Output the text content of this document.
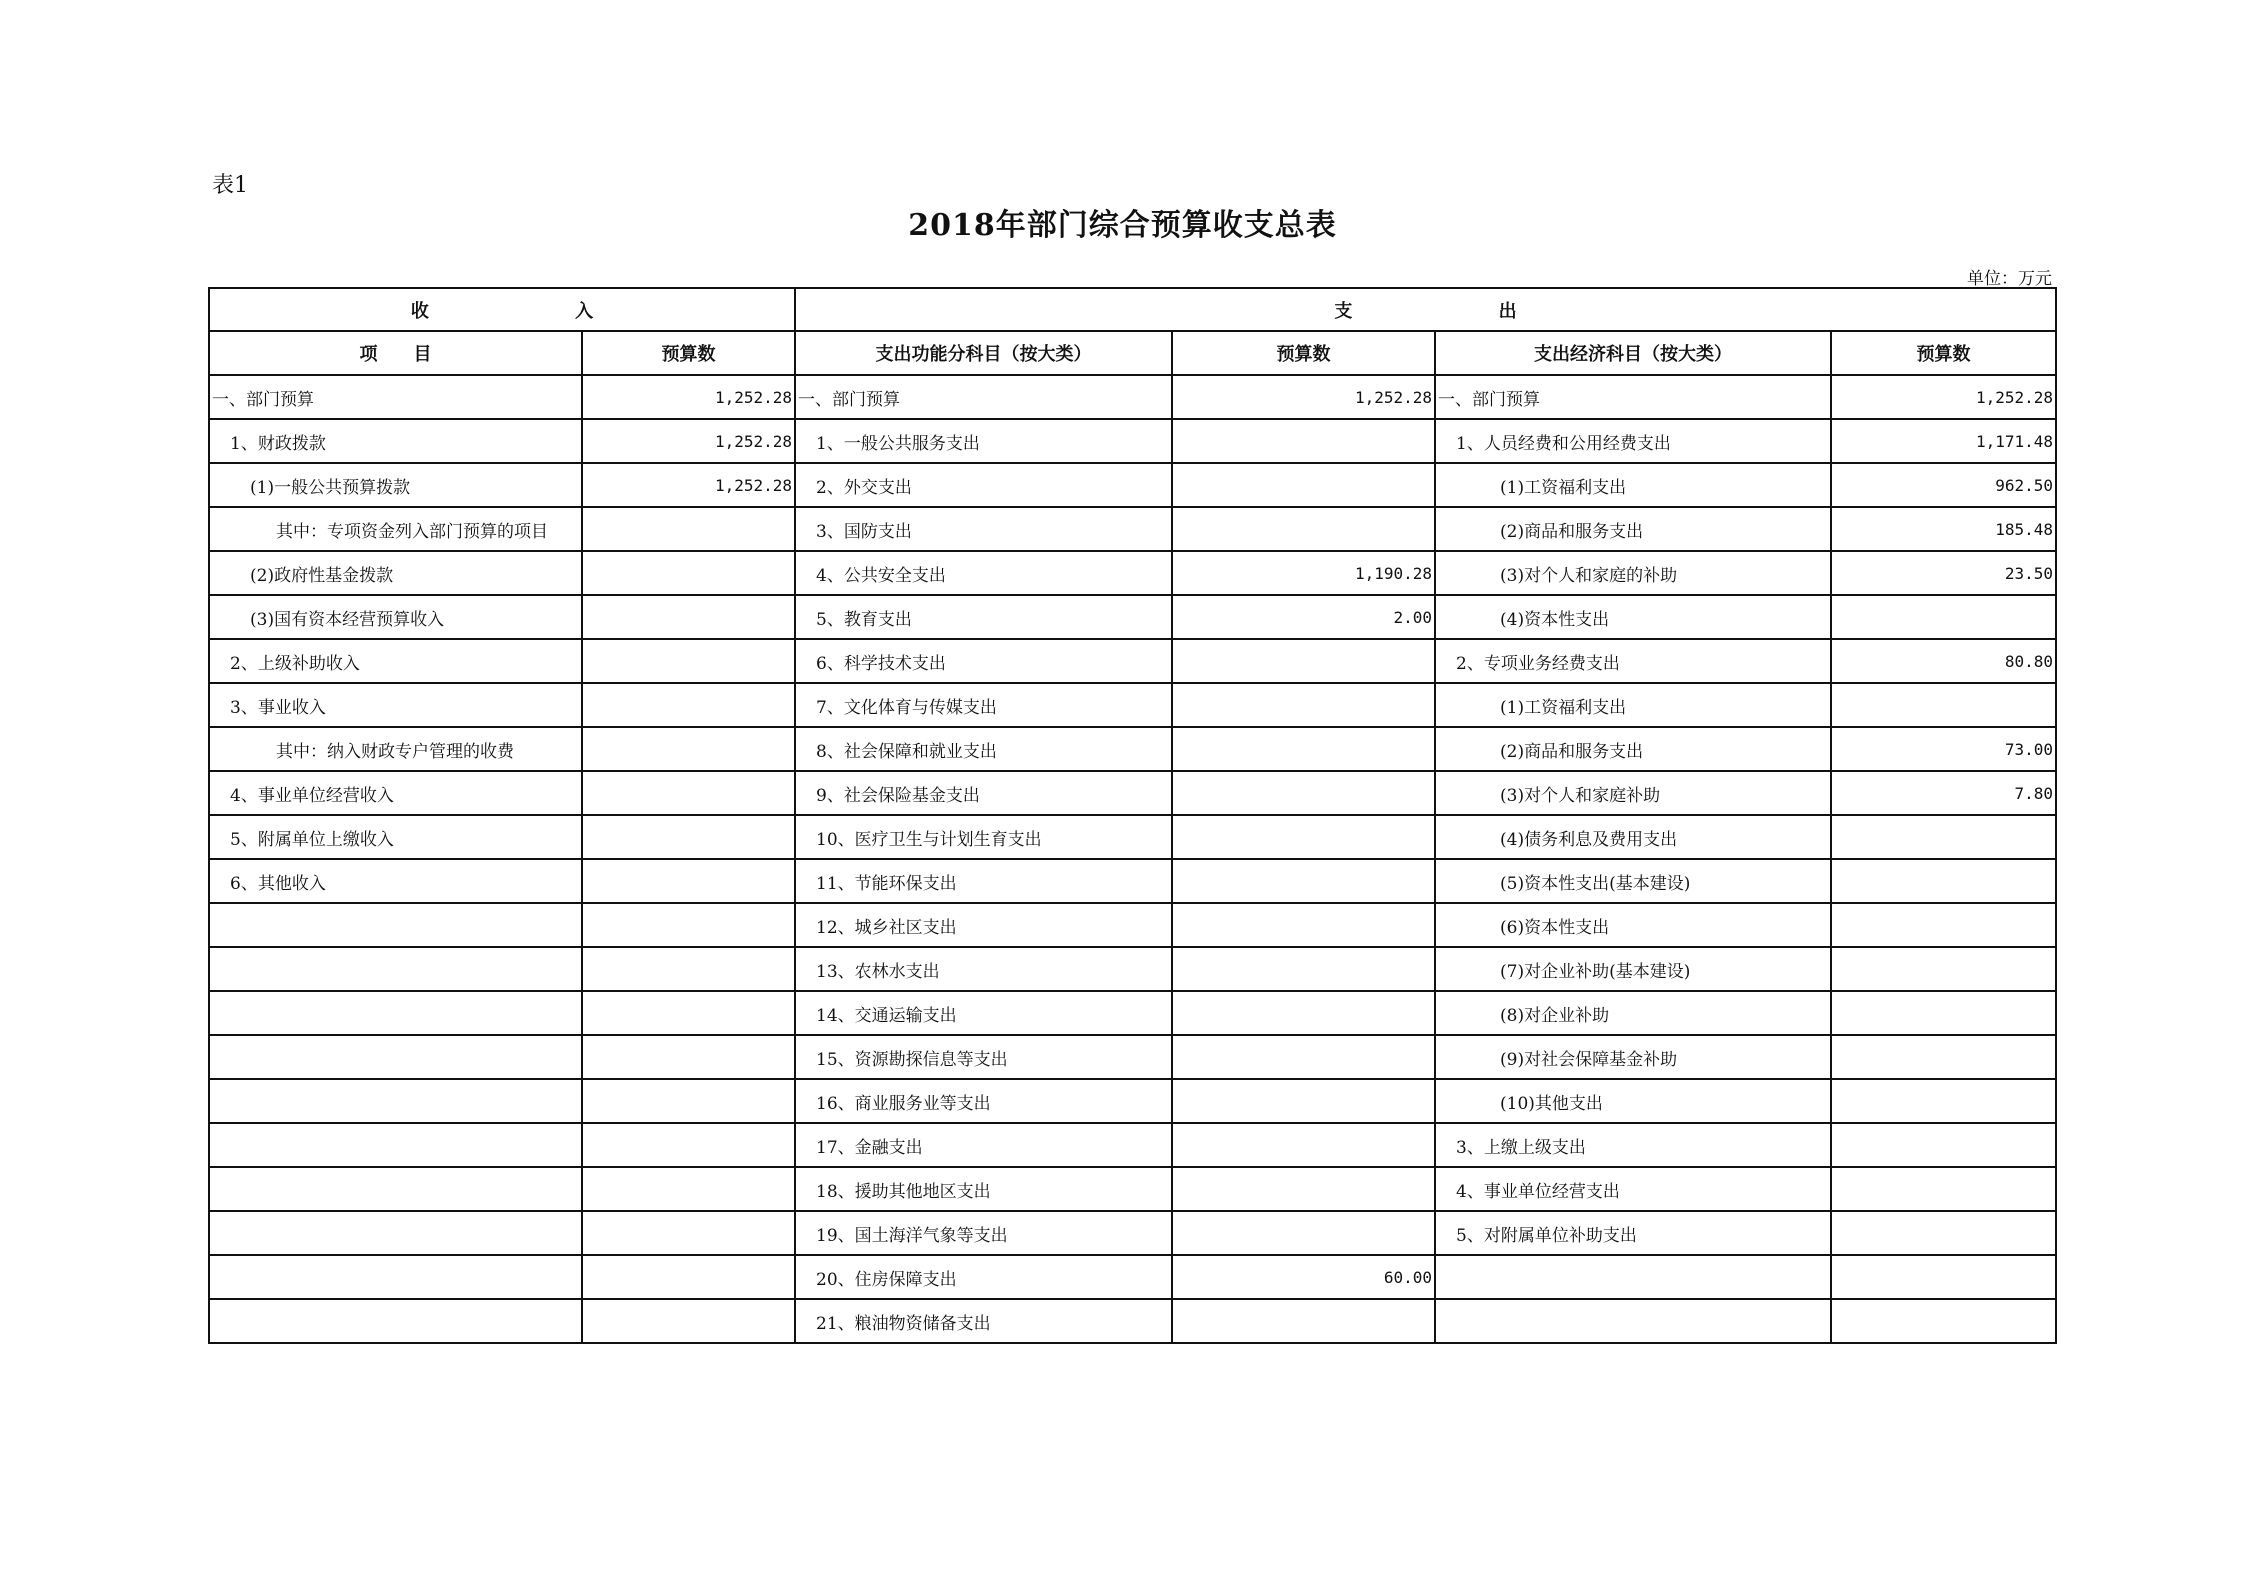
表1
2018年部门综合预算收支总表
单位：万元
收 入		支 出			
项　　目	预算数	支出功能分科目（按大类）	预算数	支出经济科目（按大类）	预算数
一、部门预算	1,252.28	一、部门预算	1,252.28	一、部门预算	1,252.28
1、财政拨款	1,252.28	1、一般公共服务支出		1、人员经费和公用经费支出	1,171.48
(1)一般公共预算拨款	1,252.28	2、外交支出		(1)工资福利支出	962.50
其中：专项资金列入部门预算的项目		3、国防支出		(2)商品和服务支出	185.48
(2)政府性基金拨款		4、公共安全支出	1,190.28	(3)对个人和家庭的补助	23.50
(3)国有资本经营预算收入		5、教育支出	2.00	(4)资本性支出	
2、上级补助收入		6、科学技术支出		2、专项业务经费支出	80.80
3、事业收入		7、文化体育与传媒支出		(1)工资福利支出	
其中：纳入财政专户管理的收费		8、社会保障和就业支出		(2)商品和服务支出	73.00
4、事业单位经营收入		9、社会保险基金支出		(3)对个人和家庭补助	7.80
5、附属单位上缴收入		10、医疗卫生与计划生育支出		(4)债务利息及费用支出	
6、其他收入		11、节能环保支出		(5)资本性支出(基本建设)	
		12、城乡社区支出		(6)资本性支出	
		13、农林水支出		(7)对企业补助(基本建设)	
		14、交通运输支出		(8)对企业补助	
		15、资源勘探信息等支出		(9)对社会保障基金补助	
		16、商业服务业等支出		(10)其他支出	
		17、金融支出		3、上缴上级支出	
		18、援助其他地区支出		4、事业单位经营支出	
		19、国土海洋气象等支出		5、对附属单位补助支出	
		20、住房保障支出	60.00		
		21、粮油物资储备支出			
